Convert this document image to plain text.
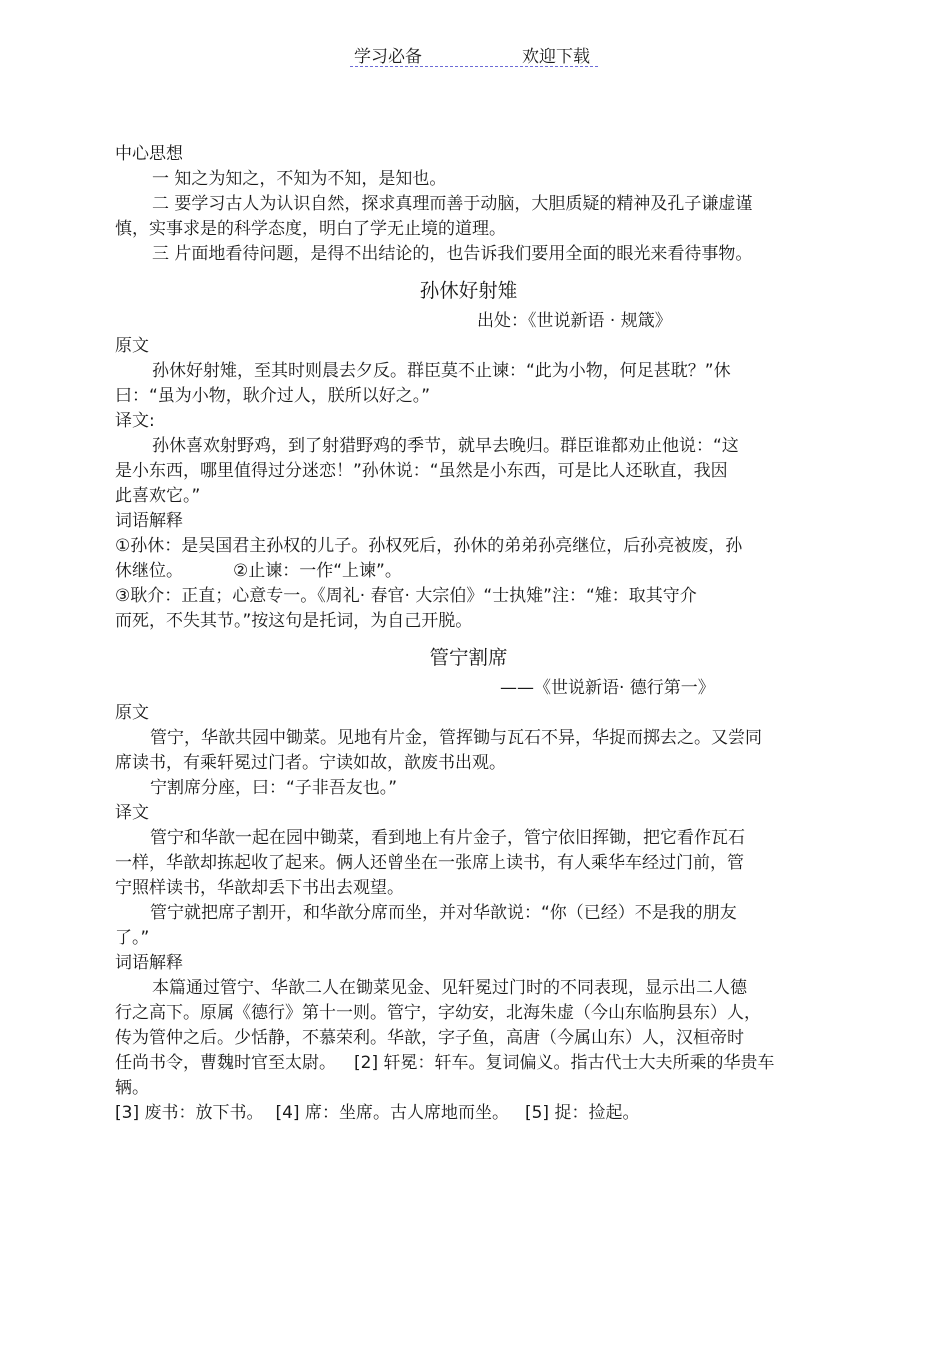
学习必备	欢迎下载
中心思想
一 知之为知之，不知为不知，是知也。
二 要学习古人为认识自然，探求真理而善于动脑，大胆质疑的精神及孔子谦虚谨
慎，实事求是的科学态度，明白了学无止境的道理。
三 片面地看待问题，是得不出结论的，也告诉我们要用全面的眼光来看待事物。
孙休好射雉
出处：《世说新语 · 规箴》
原文
孙休好射雉，至其时则晨去夕反。群臣莫不止谏：“此为小物，何足甚耽？”休
曰：“虽为小物，耿介过人，朕所以好之。”
译文:
孙休喜欢射野鸡，到了射猎野鸡的季节，就早去晚归。群臣谁都劝止他说：“这
是小东西，哪里值得过分迷恋！”孙休说：“虽然是小东西，可是比人还耿直，我因
此喜欢它。”
词语解释
①孙休：是吴国君主孙权的儿子。孙权死后，孙休的弟弟孙亮继位，后孙亮被废，孙
休继位。	②止谏：一作“上谏”。
③耿介：正直；心意专一。《周礼· 春官· 大宗伯》“士执雉”注：“雉：取其守介
而死，不失其节。”按这句是托词，为自己开脱。
管宁割席
——《世说新语· 德行第一》
原文
管宁，华歆共园中锄菜。见地有片金，管挥锄与瓦石不异，华捉而掷去之。又尝同
席读书，有乘轩冕过门者。宁读如故，歆废书出观。
宁割席分座，曰：“子非吾友也。”
译文
管宁和华歆一起在园中锄菜，看到地上有片金子，管宁依旧挥锄，把它看作瓦石
一样，华歆却拣起收了起来。俩人还曾坐在一张席上读书，有人乘华车经过门前，管
宁照样读书，华歆却丢下书出去观望。
管宁就把席子割开，和华歆分席而坐，并对华歆说：“你（已经）不是我的朋友
了。”
词语解释
本篇通过管宁、华歆二人在锄菜见金、见轩冕过门时的不同表现，显示出二人德
行之高下。原属《德行》第十一则。管宁，字幼安，北海朱虚（今山东临朐县东）人，
传为管仲之后。少恬静，不慕荣利。华歆，字子鱼，高唐（今属山东）人，汉桓帝时
任尚书令，曹魏时官至太尉。 [2] 轩冕：轩车。复词偏义。指古代士大夫所乘的华贵车
辆。
[3] 废书：放下书。 [4] 席：坐席。古人席地而坐。 [5] 捉：捡起。
